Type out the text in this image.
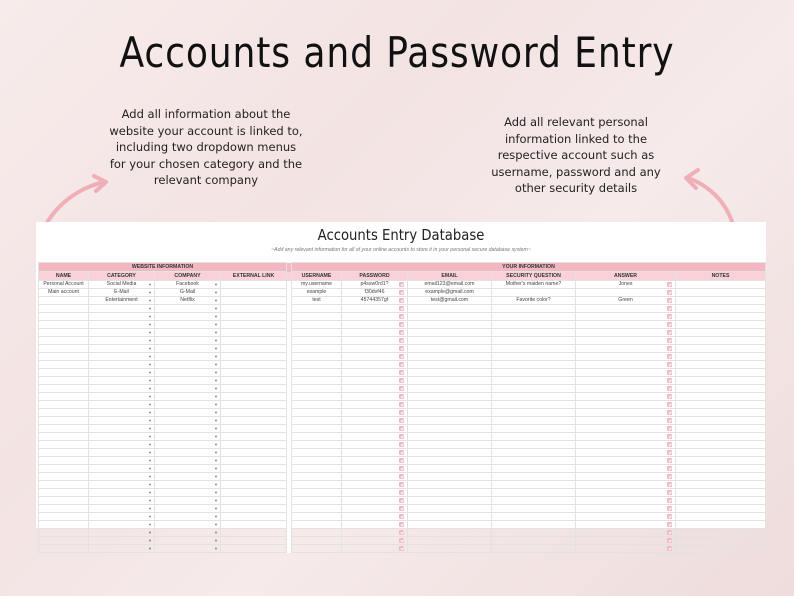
Accounts and Password Entry
Add all information about the website your account is linked to, including two dropdown menus for your chosen category and the relevant company
Add all relevant personal information linked to the respective account such as username, password and any other security details
Accounts Entry Database
~Add any relevant information for all of your online accounts to store it in your personal secure database system~
WEBSITE INFORMATION					YOUR INFORMATION					
NAME	CATEGORY	COMPANY	EXTERNAL LINK		USERNAME	PASSWORD	EMAIL	SECURITY QUESTION	ANSWER	NOTES
Personal Account	Social Media ▼	Facebook ▼			my.username	p4ssw0rd1?	email123@email.com	Mother's maiden name?	Jones

Main account	E-Mail ▼	G-Mail ▼			example	f30dvf46	example@gmail.com		

	Entertainment ▼	Netflix ▼			test	45744357gf	test@gmail.com	Favorite color?	Green

	▼	▼								

	▼	▼								

	▼	▼								

	▼	▼								

	▼	▼								

	▼	▼								

	▼	▼								

	▼	▼								

	▼	▼								

	▼	▼								

	▼	▼								

	▼	▼								

	▼	▼								

	▼	▼								

	▼	▼								

	▼	▼								

	▼	▼								

	▼	▼								

	▼	▼								

	▼	▼								

	▼	▼								

	▼	▼								

	▼	▼								

	▼	▼								

	▼	▼								

	▼	▼								

	▼	▼								

	▼	▼								

	▼	▼								

	▼	▼								

	▼	▼								
